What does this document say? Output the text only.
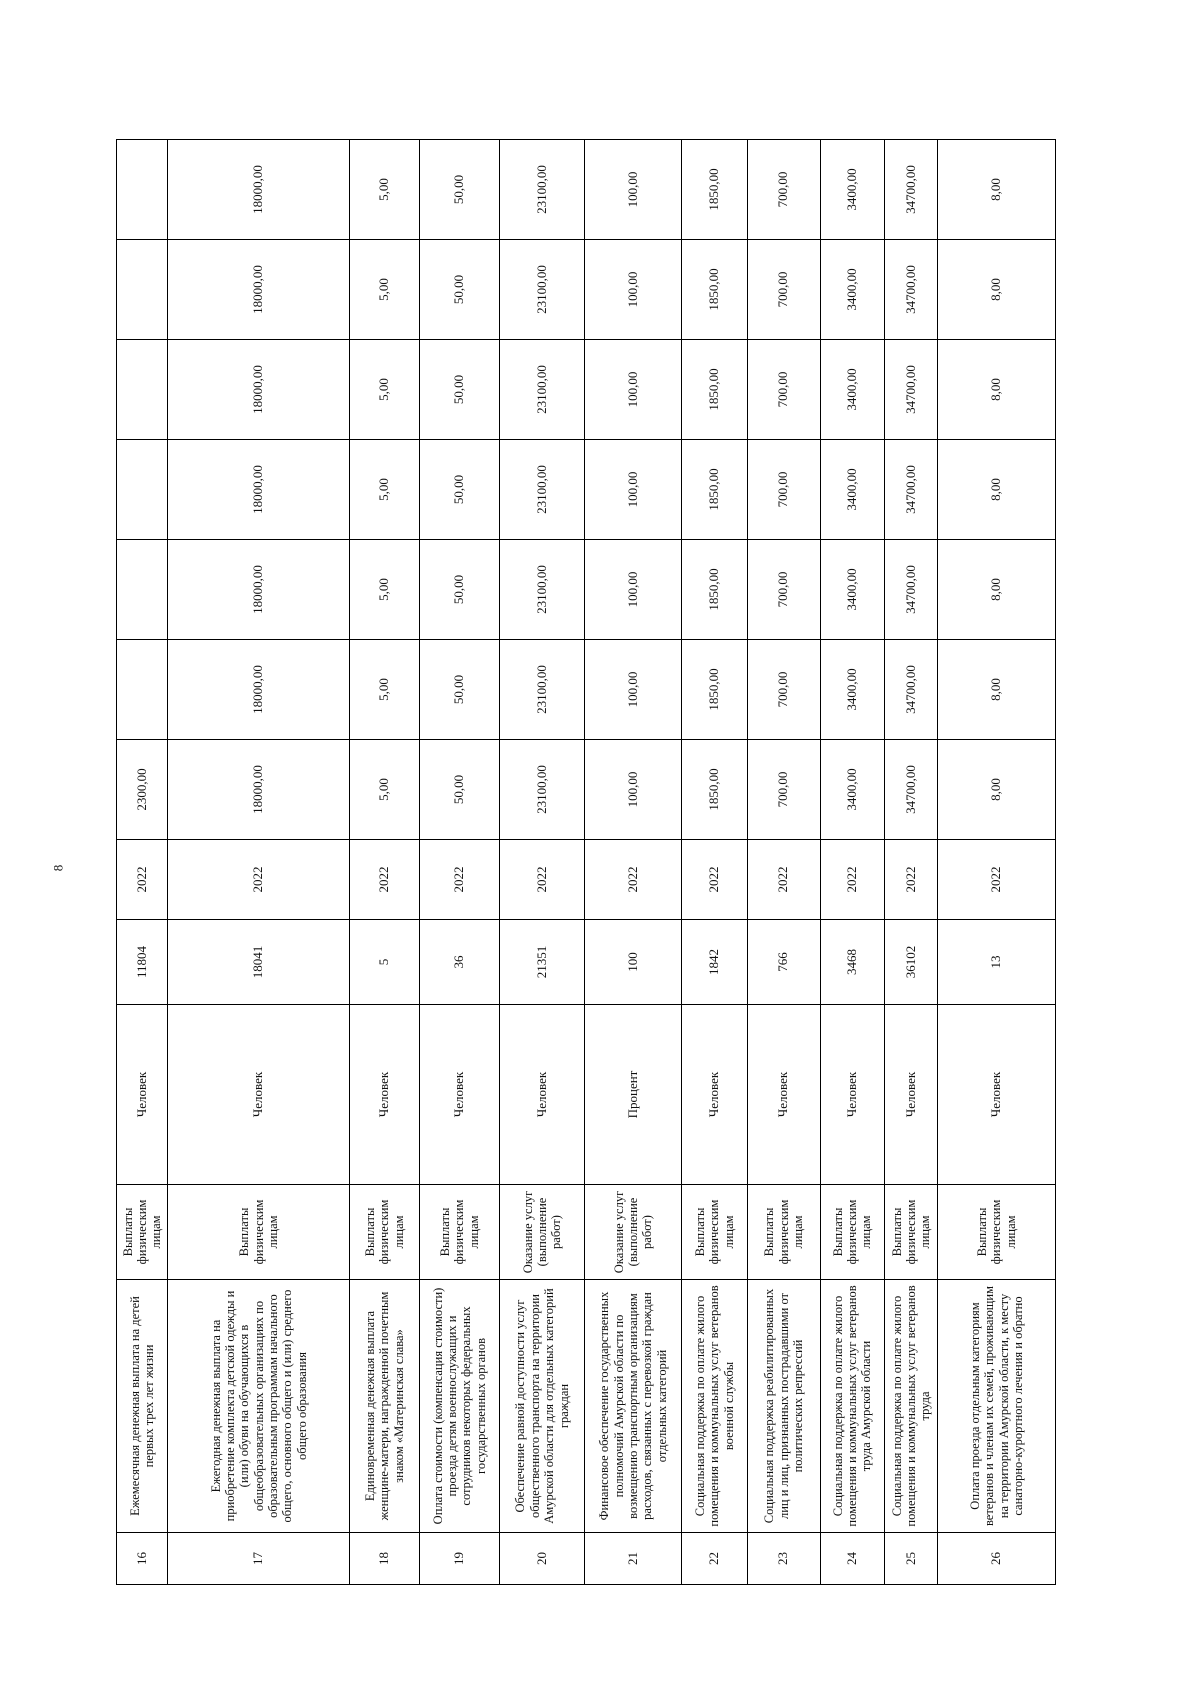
8
16	Ежемесячная денежная выплата на детей первых трех лет жизни	Выплаты физическим лицам	Человек	11804	2022	2300,00						
17	Ежегодная денежная выплата на приобретение комплекта детской одежды и (или) обуви на обучающихся в общеобразовательных организациях по образовательным программам начального общего, основного общего и (или) среднего общего образования	Выплаты физическим лицам	Человек	18041	2022	18000,00	18000,00	18000,00	18000,00	18000,00	18000,00	18000,00
18	Единовременная денежная выплата женщине-матери, награжденной почетным знаком «Материнская слава»	Выплаты физическим лицам	Человек	5	2022	5,00	5,00	5,00	5,00	5,00	5,00	5,00
19	Оплата стоимости (компенсация стоимости) проезда детям военнослужащих и сотрудников некоторых федеральных государственных органов	Выплаты физическим лицам	Человек	36	2022	50,00	50,00	50,00	50,00	50,00	50,00	50,00
20	Обеспечение равной доступности услуг общественного транспорта на территории Амурской области для отдельных категорий граждан	Оказание услуг (выполнение работ)	Человек	21351	2022	23100,00	23100,00	23100,00	23100,00	23100,00	23100,00	23100,00
21	Финансовое обеспечение государственных полномочий Амурской области по возмещению транспортным организациям расходов, связанных с перевозкой граждан отдельных категорий	Оказание услуг (выполнение работ)	Процент	100	2022	100,00	100,00	100,00	100,00	100,00	100,00	100,00
22	Социальная поддержка по оплате жилого помещения и коммунальных услуг ветеранов военной службы	Выплаты физическим лицам	Человек	1842	2022	1850,00	1850,00	1850,00	1850,00	1850,00	1850,00	1850,00
23	Социальная поддержка реабилитированных лиц и лиц, признанных пострадавшими от политических репрессий	Выплаты физическим лицам	Человек	766	2022	700,00	700,00	700,00	700,00	700,00	700,00	700,00
24	Социальная поддержка по оплате жилого помещения и коммунальных услуг ветеранов труда Амурской области	Выплаты физическим лицам	Человек	3468	2022	3400,00	3400,00	3400,00	3400,00	3400,00	3400,00	3400,00
25	Социальная поддержка по оплате жилого помещения и коммунальных услуг ветеранов труда	Выплаты физическим лицам	Человек	36102	2022	34700,00	34700,00	34700,00	34700,00	34700,00	34700,00	34700,00
26	Оплата проезда отдельным категориям ветеранов и членам их семей, проживающим на территории Амурской области, к месту санаторно-курортного лечения и обратно	Выплаты физическим лицам	Человек	13	2022	8,00	8,00	8,00	8,00	8,00	8,00	8,00
